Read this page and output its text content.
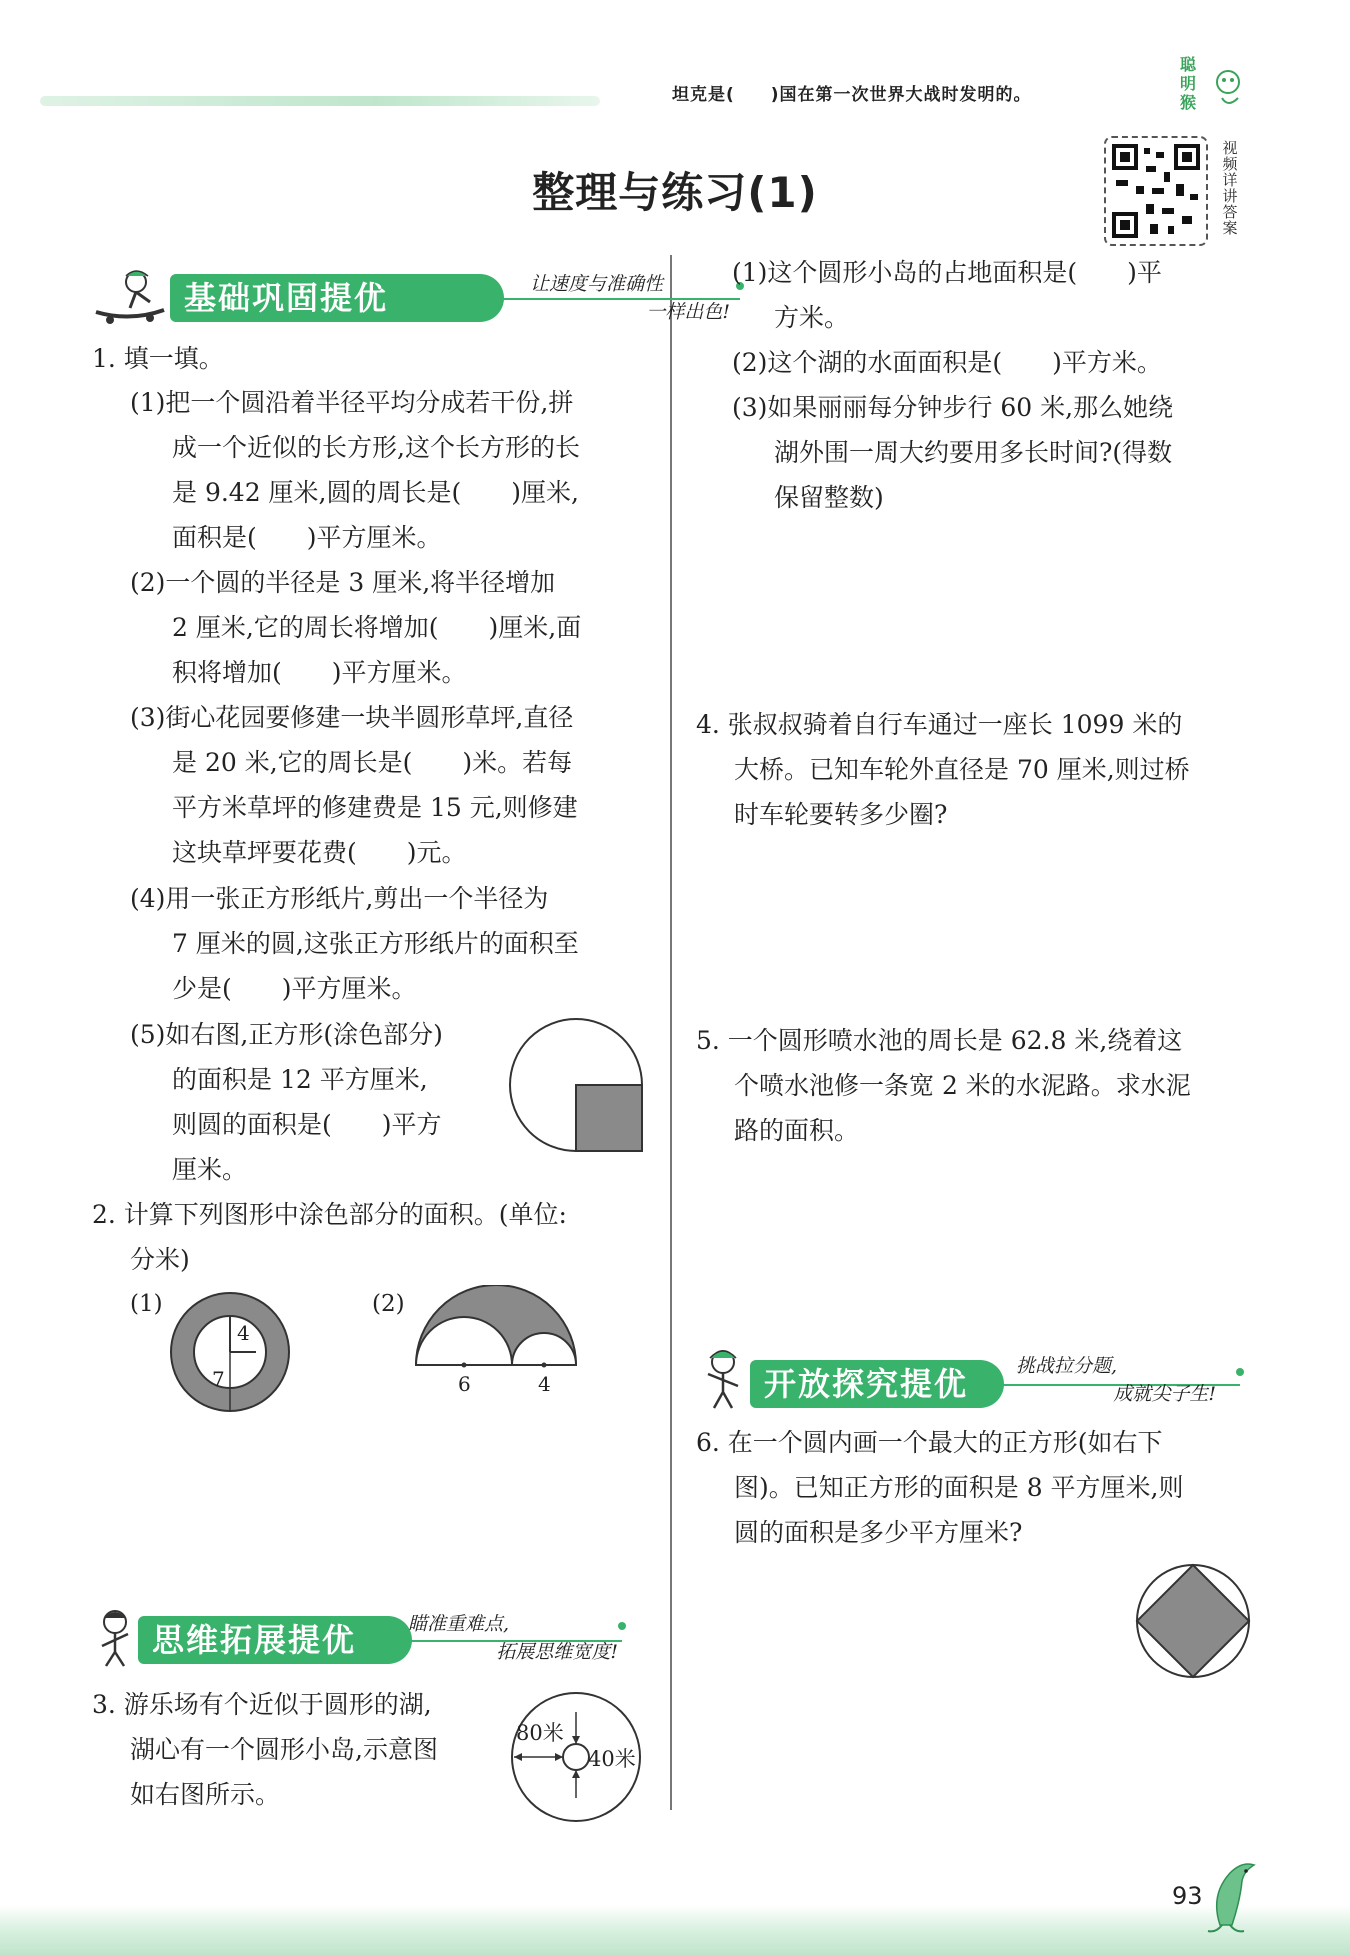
坦克是(　　)国在第一次世界大战时发明的。
聪明猴
整理与练习(1)
视频详讲答案
基础巩固提优	让速度与准确性
一样出色!
1. 填一填。
(1)把一个圆沿着半径平均分成若干份,拼
成一个近似的长方形,这个长方形的长
是 9.42 厘米,圆的周长是(　　)厘米,
面积是(　　)平方厘米。
(2)一个圆的半径是 3 厘米,将半径增加
2 厘米,它的周长将增加(　　)厘米,面
积将增加(　　)平方厘米。
(3)街心花园要修建一块半圆形草坪,直径
是 20 米,它的周长是(　　)米。若每
平方米草坪的修建费是 15 元,则修建
这块草坪要花费(　　)元。
(4)用一张正方形纸片,剪出一个半径为
7 厘米的圆,这张正方形纸片的面积至
少是(　　)平方厘米。
(5)如右图,正方形(涂色部分)
的面积是 12 平方厘米,
则圆的面积是(　　)平方
厘米。
2. 计算下列图形中涂色部分的面积。(单位:
分米)
(1)
4
7
(2)
6	4
思维拓展提优	瞄准重难点,
拓展思维宽度!
3. 游乐场有个近似于圆形的湖,
湖心有一个圆形小岛,示意图
如右图所示。
80米
40米
(1)这个圆形小岛的占地面积是(　　)平
方米。
(2)这个湖的水面面积是(　　)平方米。
(3)如果丽丽每分钟步行 60 米,那么她绕
湖外围一周大约要用多长时间?(得数
保留整数)
4. 张叔叔骑着自行车通过一座长 1099 米的
大桥。已知车轮外直径是 70 厘米,则过桥
时车轮要转多少圈?
5. 一个圆形喷水池的周长是 62.8 米,绕着这
个喷水池修一条宽 2 米的水泥路。求水泥
路的面积。
开放探究提优	挑战拉分题,
成就尖子生!
6. 在一个圆内画一个最大的正方形(如右下
图)。已知正方形的面积是 8 平方厘米,则
圆的面积是多少平方厘米?
93
